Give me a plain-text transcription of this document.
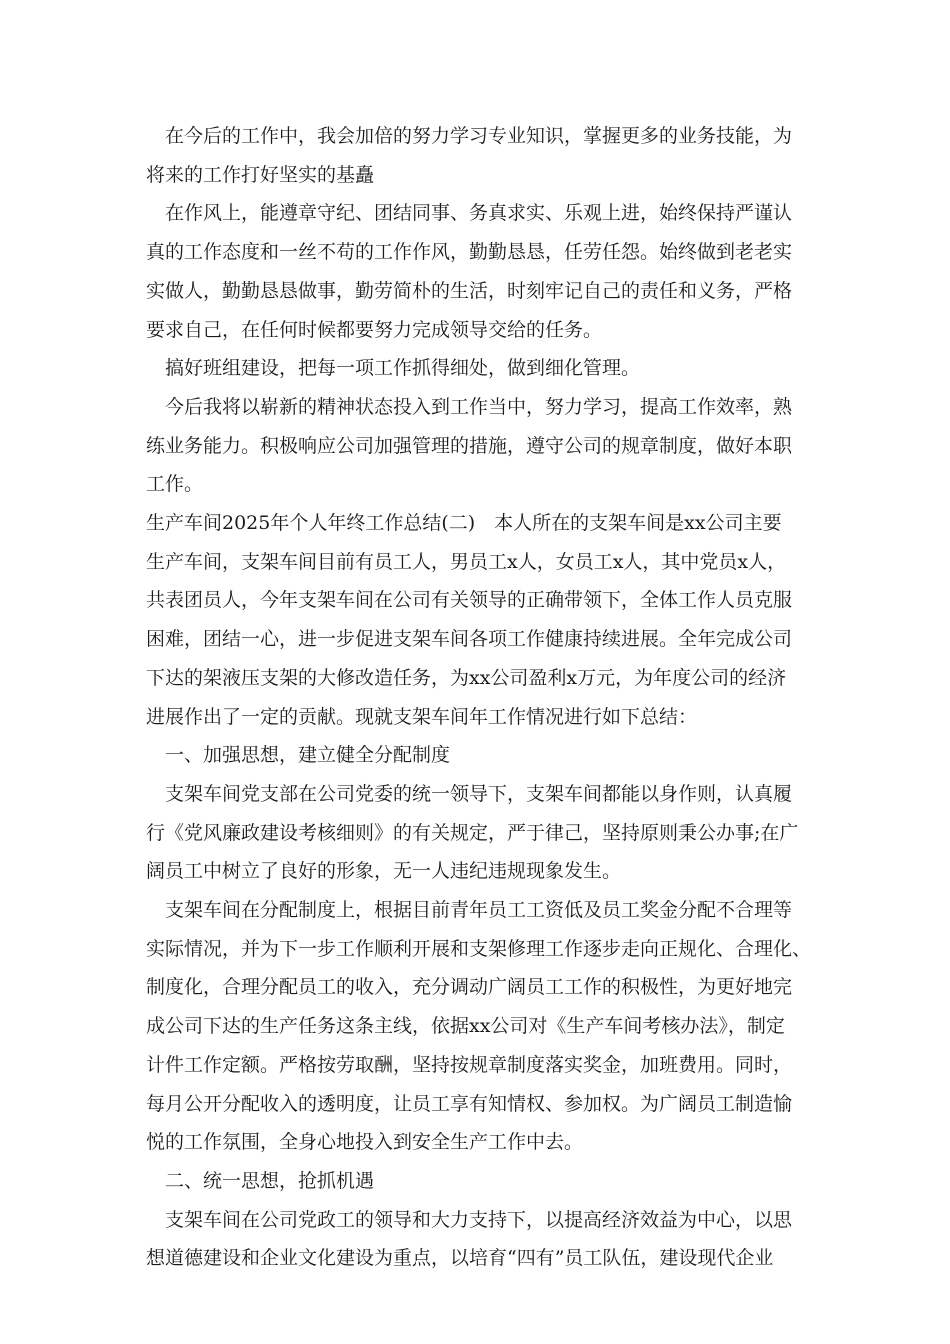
在今后的工作中，我会加倍的努力学习专业知识，掌握更多的业务技能，为

将来的工作打好坚实的基矗

在作风上，能遵章守纪、团结同事、务真求实、乐观上进，始终保持严谨认

真的工作态度和一丝不苟的工作作风，勤勤恳恳，任劳任怨。始终做到老老实

实做人，勤勤恳恳做事，勤劳简朴的生活，时刻牢记自己的责任和义务，严格

要求自己，在任何时候都要努力完成领导交给的任务。

搞好班组建设，把每一项工作抓得细处，做到细化管理。

今后我将以崭新的精神状态投入到工作当中，努力学习，提高工作效率，熟

练业务能力。积极响应公司加强管理的措施，遵守公司的规章制度，做好本职

工作。

生产车间2025年个人年终工作总结(二)　本人所在的支架车间是xx公司主要

生产车间，支架车间目前有员工人，男员工x人，女员工x人，其中党员x人，

共表团员人，今年支架车间在公司有关领导的正确带领下，全体工作人员克服

困难，团结一心，进一步促进支架车间各项工作健康持续进展。全年完成公司

下达的架液压支架的大修改造任务，为xx公司盈利x万元，为年度公司的经济

进展作出了一定的贡献。现就支架车间年工作情况进行如下总结：

一、加强思想，建立健全分配制度

支架车间党支部在公司党委的统一领导下，支架车间都能以身作则，认真履

行《党风廉政建设考核细则》的有关规定，严于律己，坚持原则秉公办事;在广

阔员工中树立了良好的形象，无一人违纪违规现象发生。

支架车间在分配制度上，根据目前青年员工工资低及员工奖金分配不合理等

实际情况，并为下一步工作顺利开展和支架修理工作逐步走向正规化、合理化、

制度化，合理分配员工的收入，充分调动广阔员工工作的积极性，为更好地完

成公司下达的生产任务这条主线，依据xx公司对《生产车间考核办法》，制定

计件工作定额。严格按劳取酬，坚持按规章制度落实奖金，加班费用。同时，

每月公开分配收入的透明度，让员工享有知情权、参加权。为广阔员工制造愉

悦的工作氛围，全身心地投入到安全生产工作中去。

二、统一思想，抢抓机遇

支架车间在公司党政工的领导和大力支持下，以提高经济效益为中心，以思

想道德建设和企业文化建设为重点，以培育“四有”员工队伍，建设现代企业
